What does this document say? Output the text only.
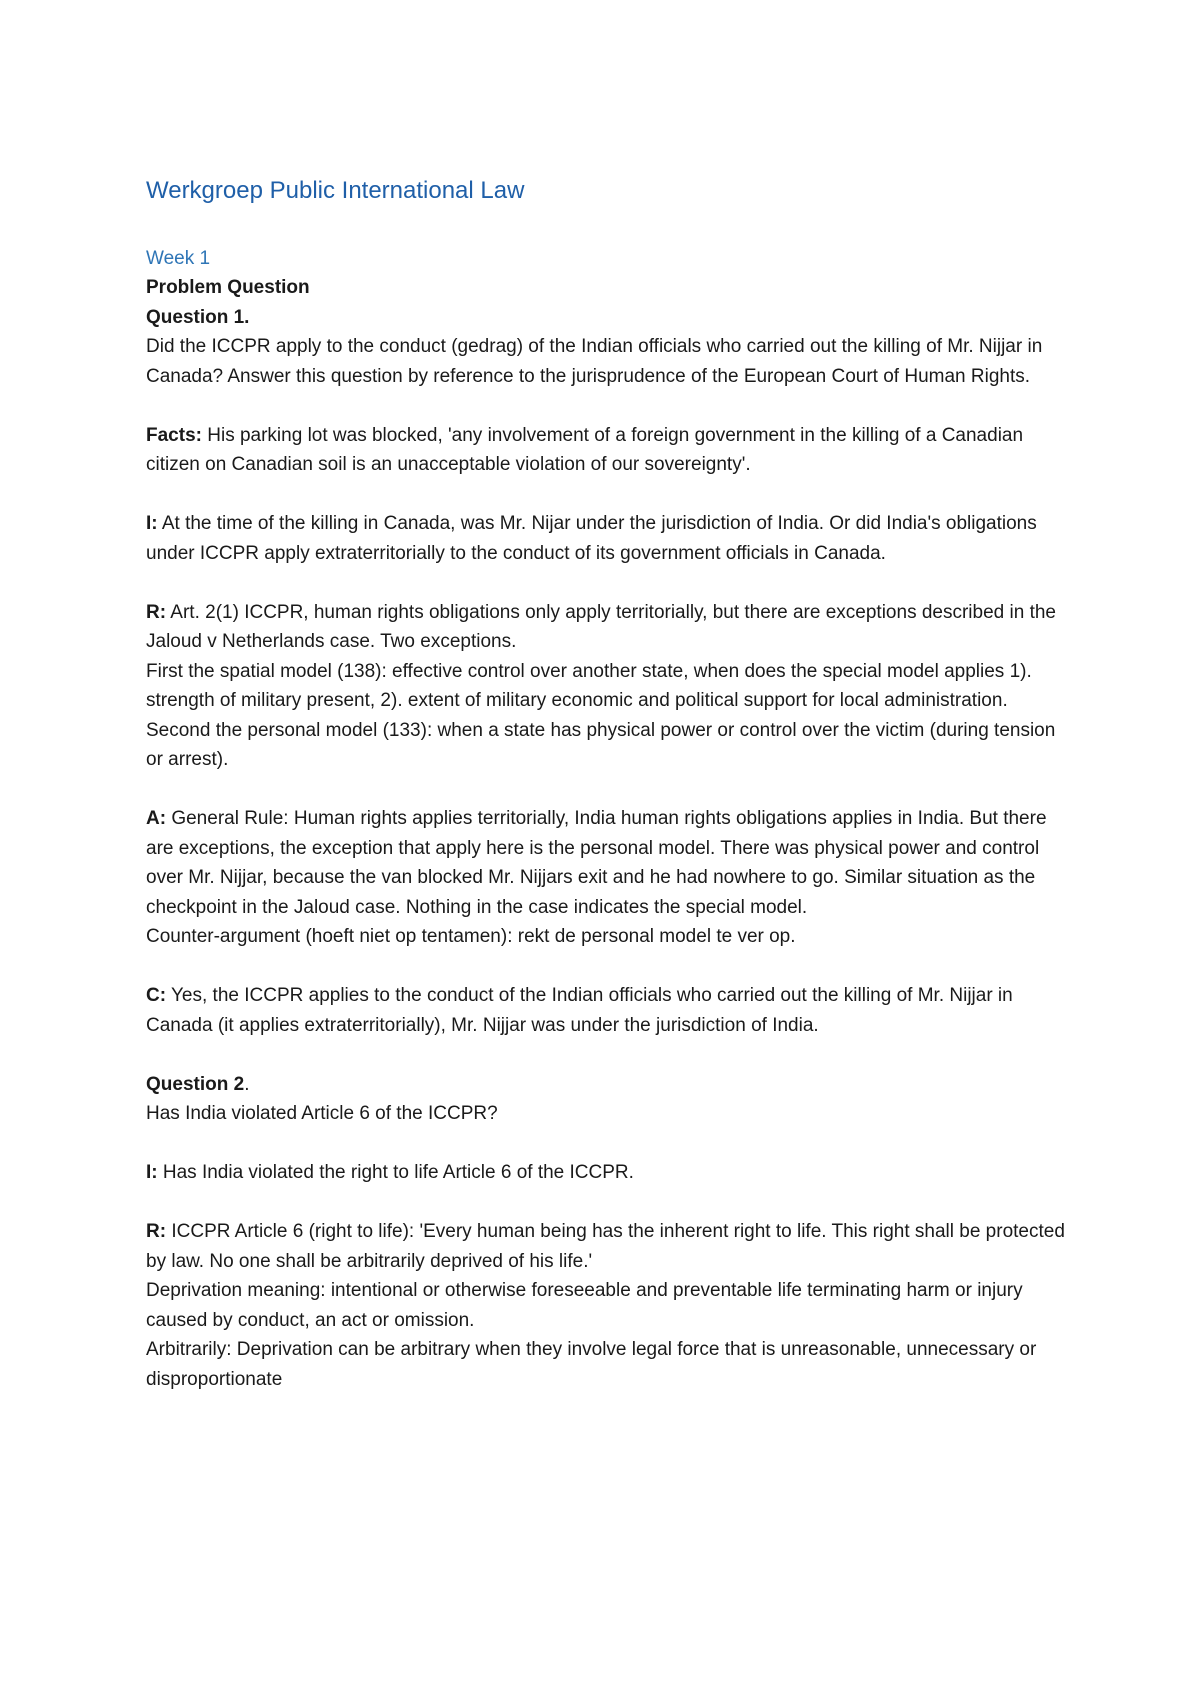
Werkgroep Public International Law
Week 1

Problem Question

Question 1.

Did the ICCPR apply to the conduct (gedrag) of the Indian officials who carried out the killing of Mr. Nijjar in Canada? Answer this question by reference to the jurisprudence of the European Court of Human Rights.

Facts: His parking lot was blocked, 'any involvement of a foreign government in the killing of a Canadian citizen on Canadian soil is an unacceptable violation of our sovereignty'.

I: At the time of the killing in Canada, was Mr. Nijar under the jurisdiction of India. Or did India's obligations under ICCPR apply extraterritorially to the conduct of its government officials in Canada.

R: Art. 2(1) ICCPR, human rights obligations only apply territorially, but there are exceptions described in the Jaloud v Netherlands case. Two exceptions.

First the spatial model (138): effective control over another state, when does the special model applies 1). strength of military present, 2). extent of military economic and political support for local administration.

Second the personal model (133): when a state has physical power or control over the victim (during tension or arrest).

A: General Rule: Human rights applies territorially, India human rights obligations applies in India. But there are exceptions, the exception that apply here is the personal model. There was physical power and control over Mr. Nijjar, because the van blocked Mr. Nijjars exit and he had nowhere to go. Similar situation as the checkpoint in the Jaloud case. Nothing in the case indicates the special model.

Counter-argument (hoeft niet op tentamen): rekt de personal model te ver op.

C: Yes, the ICCPR applies to the conduct of the Indian officials who carried out the killing of Mr. Nijjar in Canada (it applies extraterritorially), Mr. Nijjar was under the jurisdiction of India.

Question 2.

Has India violated Article 6 of the ICCPR?

I: Has India violated the right to life Article 6 of the ICCPR.

R: ICCPR Article 6 (right to life): 'Every human being has the inherent right to life. This right shall be protected by law. No one shall be arbitrarily deprived of his life.'

Deprivation meaning: intentional or otherwise foreseeable and preventable life terminating harm or injury caused by conduct, an act or omission.

Arbitrarily: Deprivation can be arbitrary when they involve legal force that is unreasonable, unnecessary or disproportionate
